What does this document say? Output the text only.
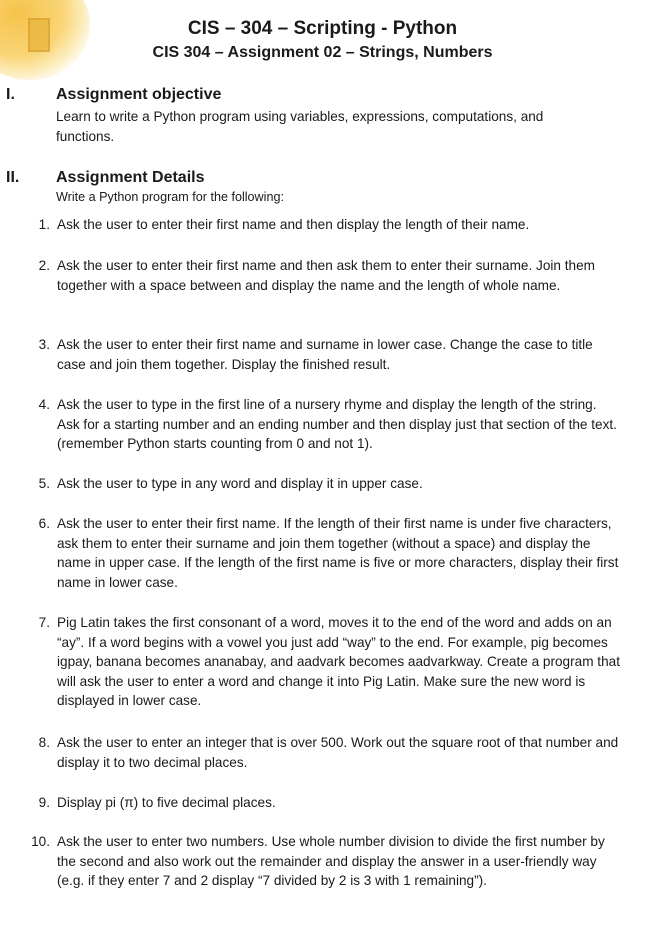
CIS – 304 – Scripting - Python
CIS 304 – Assignment 02 – Strings, Numbers
I.	Assignment objective
Learn to write a Python program using variables, expressions, computations, and functions.
II. Assignment Details
Write a Python program for the following:
1. Ask the user to enter their first name and then display the length of their name.
2. Ask the user to enter their first name and then ask them to enter their surname. Join them together with a space between and display the name and the length of whole name.
3. Ask the user to enter their first name and surname in lower case. Change the case to title case and join them together. Display the finished result.
4. Ask the user to type in the first line of a nursery rhyme and display the length of the string. Ask for a starting number and an ending number and then display just that section of the text. (remember Python starts counting from 0 and not 1).
5. Ask the user to type in any word and display it in upper case.
6. Ask the user to enter their first name. If the length of their first name is under five characters, ask them to enter their surname and join them together (without a space) and display the name in upper case. If the length of the first name is five or more characters, display their first name in lower case.
7. Pig Latin takes the first consonant of a word, moves it to the end of the word and adds on an “ay”. If a word begins with a vowel you just add “way” to the end. For example, pig becomes igpay, banana becomes ananabay, and aadvark becomes aadvarkway. Create a program that will ask the user to enter a word and change it into Pig Latin. Make sure the new word is displayed in lower case.
8. Ask the user to enter an integer that is over 500. Work out the square root of that number and display it to two decimal places.
9. Display pi (π) to five decimal places.
10. Ask the user to enter two numbers. Use whole number division to divide the first number by the second and also work out the remainder and display the answer in a user-friendly way (e.g. if they enter 7 and 2 display “7 divided by 2 is 3 with 1 remaining”).
